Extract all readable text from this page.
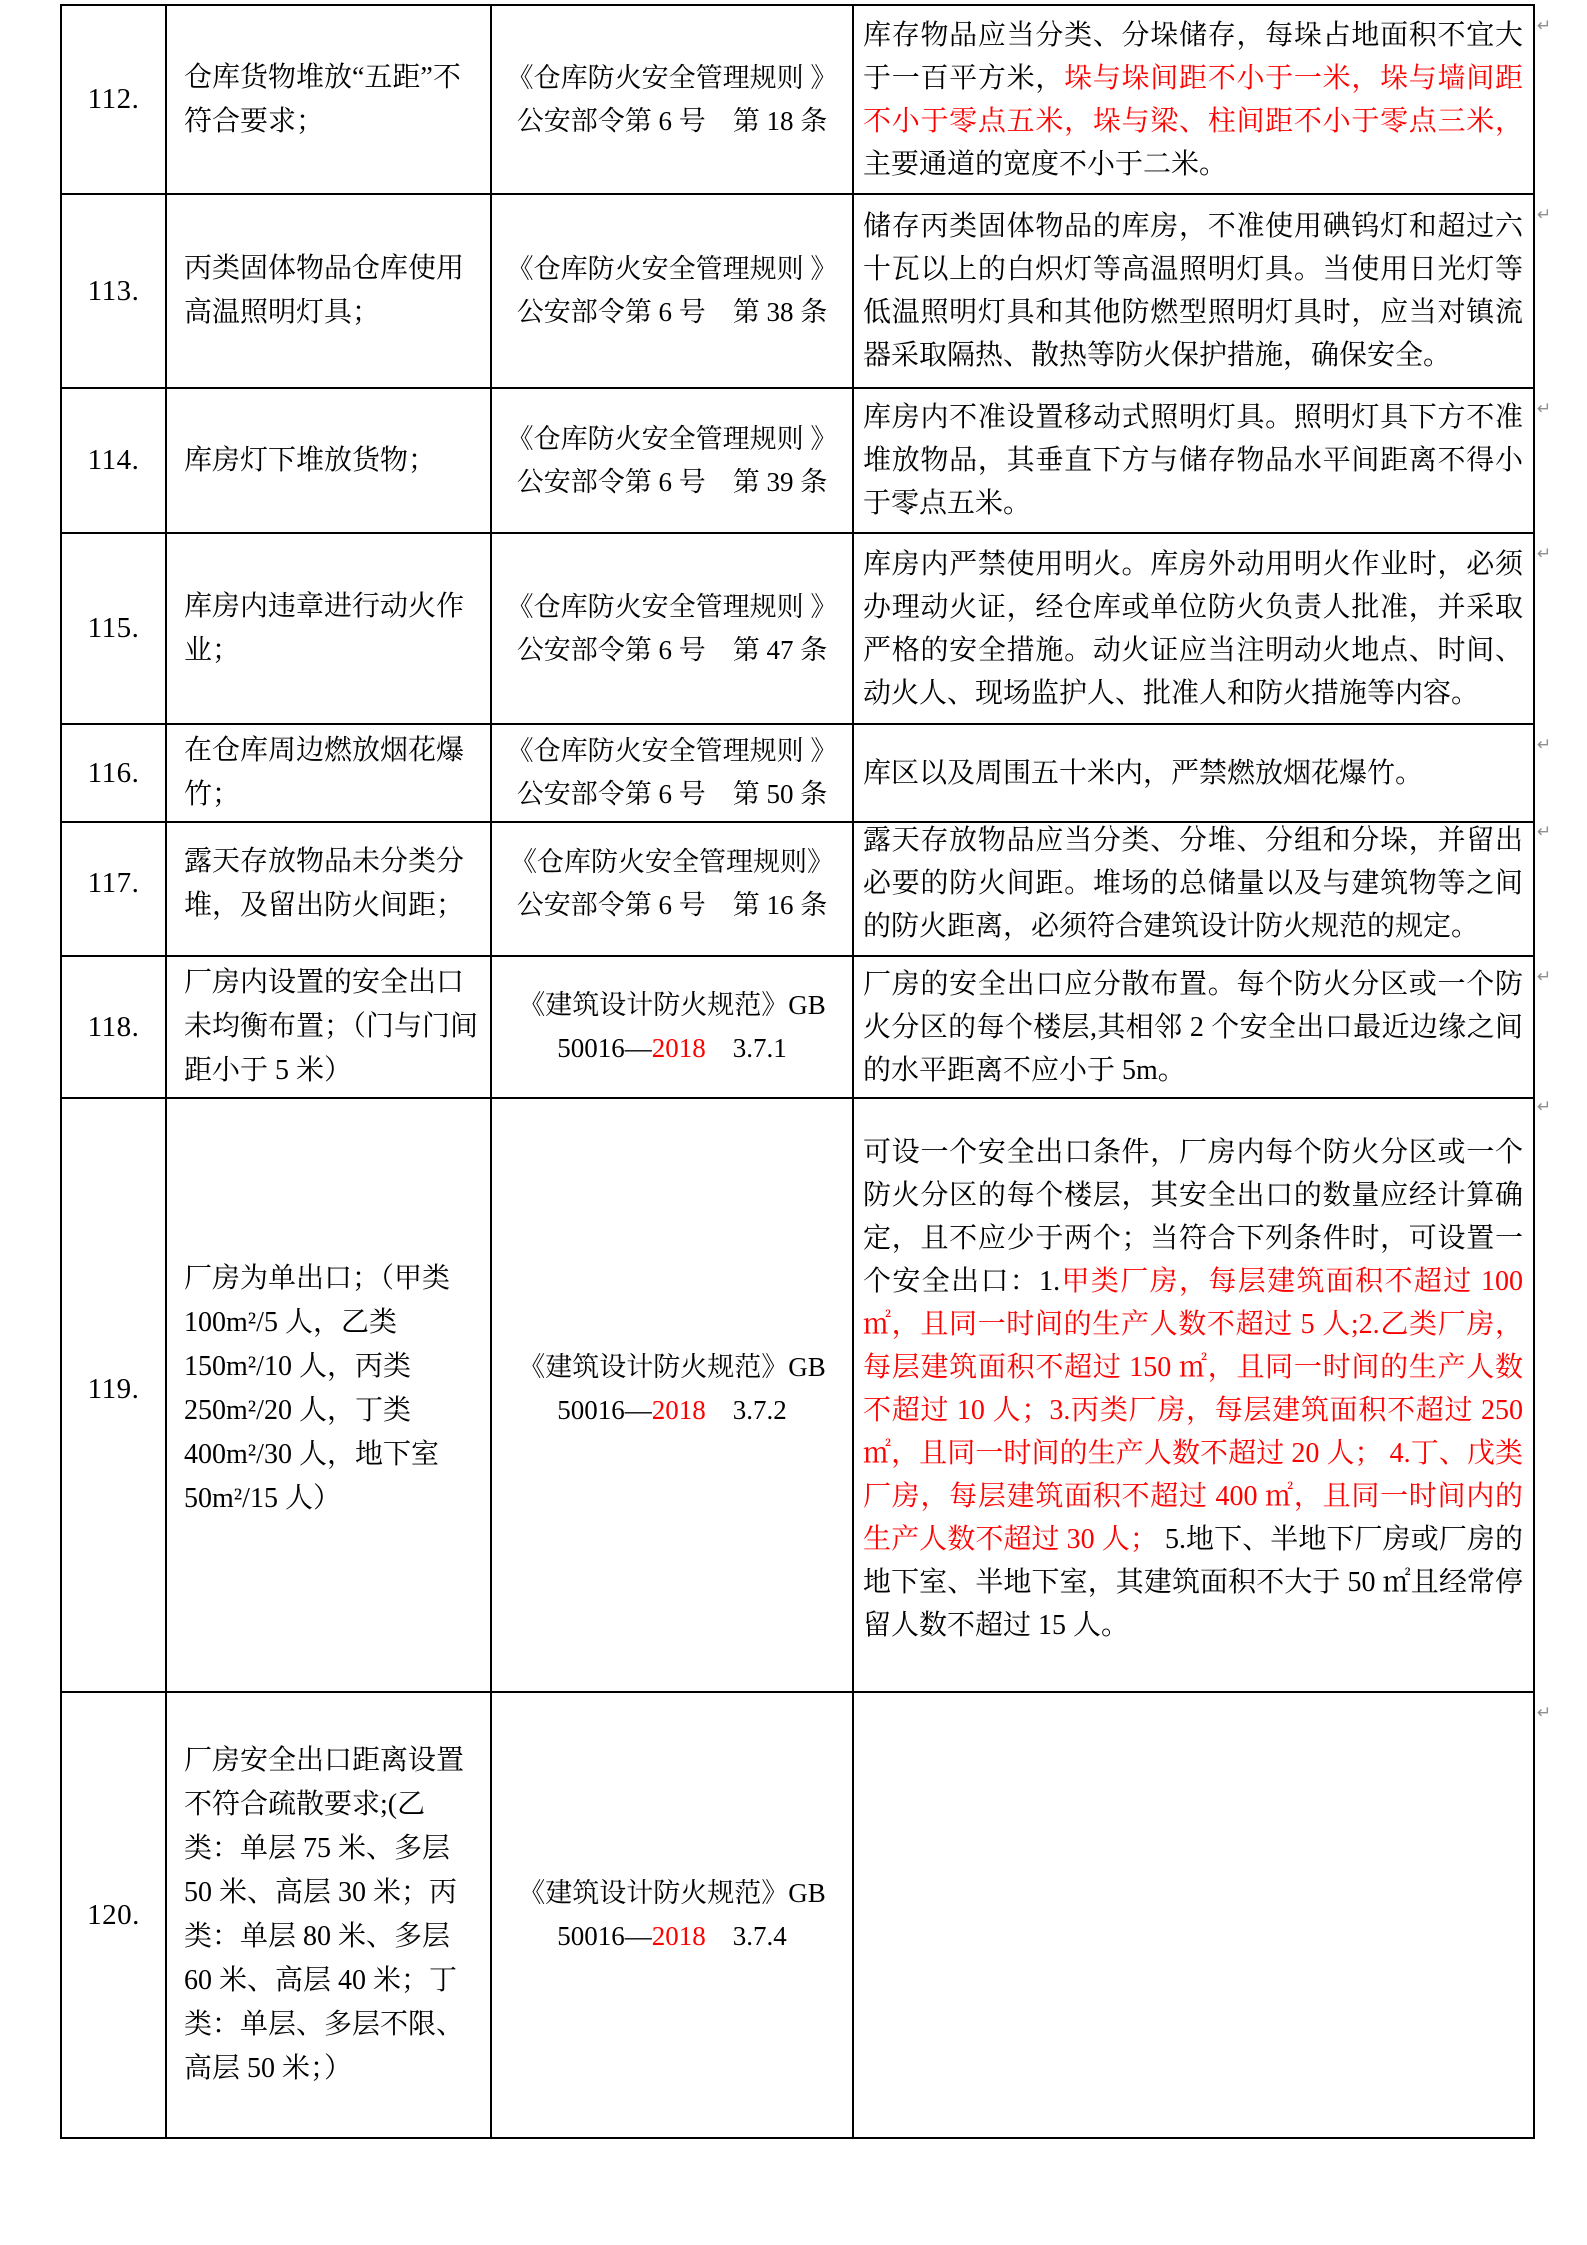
112.
仓库货物堆放“五距”不符合要求；
《仓库防火安全管理规则 》
公安部令第 6 号　第 18 条
库存物品应当分类、分垛储存，每垛占地面积不宜大于一百平方米，垛与垛间距不小于一米，垛与墙间距不小于零点五米，垛与梁、柱间距不小于零点三米，主要通道的宽度不小于二米。
↵
113.
丙类固体物品仓库使用高温照明灯具；
《仓库防火安全管理规则 》
公安部令第 6 号　第 38 条
储存丙类固体物品的库房，不准使用碘钨灯和超过六十瓦以上的白炽灯等高温照明灯具。当使用日光灯等低温照明灯具和其他防燃型照明灯具时，应当对镇流器采取隔热、散热等防火保护措施，确保安全。
↵
114. 库房灯下堆放货物；
《仓库防火安全管理规则 》
公安部令第 6 号　第 39 条
库房内不准设置移动式照明灯具。照明灯具下方不准堆放物品，其垂直下方与储存物品水平间距离不得小于零点五米。
↵
115.
库房内违章进行动火作业；
《仓库防火安全管理规则 》
公安部令第 6 号　第 47 条
库房内严禁使用明火。库房外动用明火作业时，必须办理动火证，经仓库或单位防火负责人批准，并采取严格的安全措施。动火证应当注明动火地点、时间、动火人、现场监护人、批准人和防火措施等内容。
↵
116.
在仓库周边燃放烟花爆竹；
《仓库防火安全管理规则 》
公安部令第 6 号　第 50 条
库区以及周围五十米内，严禁燃放烟花爆竹。
↵
117.
露天存放物品未分类分堆，及留出防火间距；
《仓库防火安全管理规则》
公安部令第 6 号　第 16 条
露天存放物品应当分类、分堆、分组和分垛，并留出必要的防火间距。堆场的总储量以及与建筑物等之间的防火距离，必须符合建筑设计防火规范的规定。
↵
118.
厂房内设置的安全出口未均衡布置；（门与门间距小于 5 米）
《建筑设计防火规范》GB
50016—2018　3.7.1
厂房的安全出口应分散布置。每个防火分区或一个防火分区的每个楼层,其相邻 2 个安全出口最近边缘之间的水平距离不应小于 5m。
↵
119.
厂房为单出口；（甲类 100m²/5 人，乙类 150m²/10 人，丙类 250m²/20 人，丁类 400m²/30 人，地下室 50m²/15 人）
《建筑设计防火规范》GB
50016—2018　3.7.2
可设一个安全出口条件，厂房内每个防火分区或一个防火分区的每个楼层，其安全出口的数量应经计算确定，且不应少于两个；当符合下列条件时，可设置一个安全出口：1.甲类厂房，每层建筑面积不超过 100 ㎡，且同一时间的生产人数不超过 5 人;2.乙类厂房，每层建筑面积不超过 150 ㎡，且同一时间的生产人数不超过 10 人；3.丙类厂房，每层建筑面积不超过 250 ㎡，且同一时间的生产人数不超过 20 人； 4.丁、戊类厂房，每层建筑面积不超过 400 ㎡，且同一时间内的生产人数不超过 30 人； 5.地下、半地下厂房或厂房的地下室、半地下室，其建筑面积不大于 50 ㎡且经常停留人数不超过 15 人。
↵
120.
厂房安全出口距离设置不符合疏散要求;(乙类：单层 75 米、多层 50 米、高层 30 米；丙类：单层 80 米、多层 60 米、高层 40 米；丁类：单层、多层不限、高层 50 米；）
《建筑设计防火规范》GB
50016—2018　3.7.4
↵
